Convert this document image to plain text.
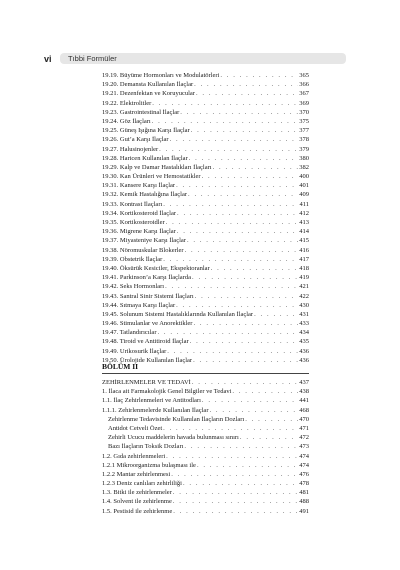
vi Tıbbi Formüler
19.19. Büyüme Hormonları ve Modulatörleri . . .	365
19.20. Demansta Kullanılan İlaçlar . . .	366
19.21. Dezenfektan ve Koruyucular . . .	367
19.22. Elektrolitler . . .	369
19.23. Gastrointestinal İlaçlar . . .	370
19.24. Göz İlaçları . . .	375
19.25. Güneş Işığına Karşı İlaçlar . . .	377
19.26. Gut’a Karşı İlaçlar . . .	378
19.27. Halusinojenler . . .	379
19.28. Haricen Kullanılan İlaçlar . . .	380
19.29. Kalp ve Damar Hastalıkları İlaçları . . .	382
19.30. Kan Ürünleri ve Hemostatikler . . .	400
19.31. Kansere Karşı İlaçlar . . .	401
19.32. Kemik Hastalığına İlaçlar . . .	409
19.33. Kontrast İlaçları . . .	411
19.34. Kortikosteroid İlaçlar . . .	412
19.35. Kortikosteroidler . . .	413
19.36. Migrene Karşı İlaçlar . . .	414
19.37. Miyasteniye Karşı İlaçlar . . .	415
19.38. Nöromuskular Blokerler . . .	416
19.39. Obstetrik İlaçlar . . .	417
19.40. Öksürük Kesiciler, Ekspektoranlar . . .	418
19.41. Parkinson’a Karşı İlaçlarda . . .	419
19.42. Seks Hormonları . . .	421
19.43. Santral Sinir Sistemi İlaçları . . .	422
19.44. Sıtmaya Karşı İlaçlar . . .	430
19.45. Solunum Sistemi Hastalıklarında Kullanılan İlaçlar . . .	431
19.46. Stimulanlar ve Anorektikler . . .	433
19.47. Tatlandırıcılar . . .	434
19.48. Tiroid ve Antitiroid İlaçlar . . .	435
19.49. Urikosurik İlaçlar . . .	436
19.50. Ürolojide Kullanılan İlaçlar . . .	436
BÖLÜM II
ZEHİRLENMELER VE TEDAVİ . . .	437
1. İlaca ait Farmakolojik Genel Bilgiler ve Tedavi . . .	438
1.1. İlaç Zehirlenmeleri ve Antitodları . . .	441
1.1.1. Zehirlenmelerde Kullanılan İlaçlar . . .	468
Zehirlenme Tedavisinde Kullanılan İlaçların Dozları . . .	470
Antidot Cetveli Özet . . .	471
Zehirli Ucucu maddelerin havada bulunması sınırı . . .	472
Bazı İlaçların Toksik Dozları . . .	473
1.2. Gıda zehirlenmeleri . . .	474
1.2.1 Mikroorganizma bulaşması ile . . .	474
1.2.2 Mantar zehirlenmesi . . .	476
1.2.3 Deniz canlıları zehirliliği . . .	478
1.3. Bitki ile zehirlenmeler . . .	481
1.4. Solvent ile zehirlenme . . .	488
1.5. Pestisid ile zehirlenme . . .	491
